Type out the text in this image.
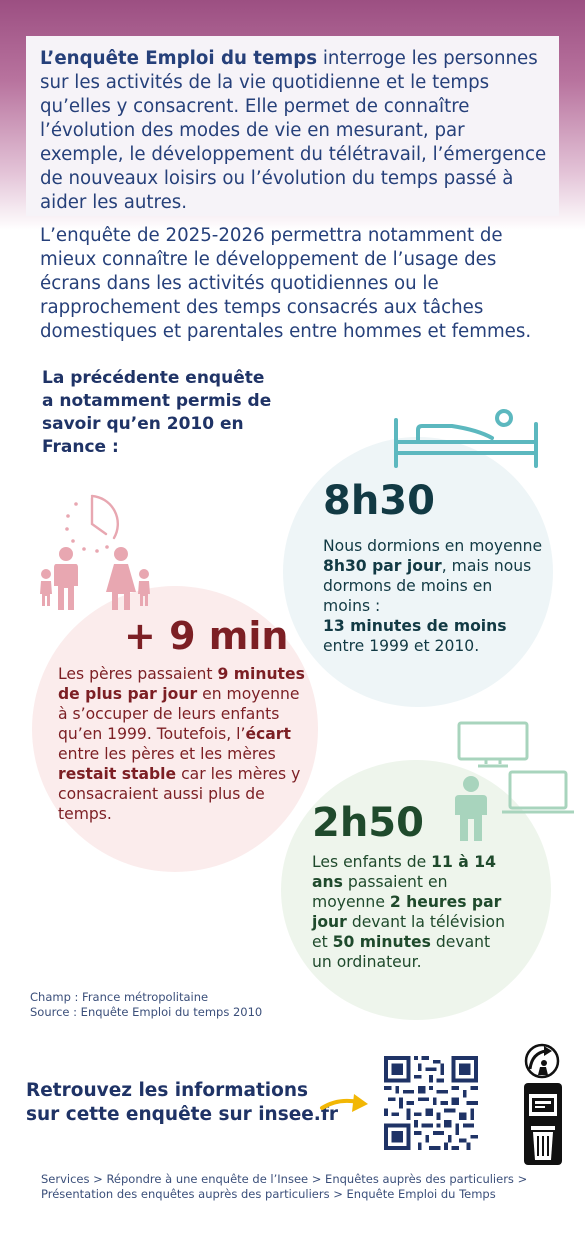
L’enquête Emploi du temps interroge les personnes sur les activités de la vie quotidienne et le temps qu’elles y consacrent. Elle permet de connaître l’évolution des modes de vie en mesurant, par exemple, le développement du télétravail, l’émergence de nouveaux loisirs ou l’évolution du temps passé à aider les autres.

L’enquête de 2025-2026 permettra notamment de mieux connaître le développement de l’usage des écrans dans les activités quotidiennes ou le rapprochement des temps consacrés aux tâches domestiques et parentales entre hommes et femmes.

La précédente enquête a notamment permis de savoir qu’en 2010 en France :

8h30

Nous dormions en moyenne 8h30 par jour, mais nous dormons de moins en moins :
13 minutes de moins entre 1999 et 2010.

+ 9 min

Les pères passaient 9 minutes de plus par jour en moyenne à s’occuper de leurs enfants qu’en 1999. Toutefois, l’écart entre les pères et les mères restait stable car les mères y consacraient aussi plus de temps.	2h50

Les enfants de 11 à 14 ans passaient en moyenne 2 heures par jour devant la télévision et 50 minutes devant un ordinateur.

Champ : France métropolitaine
Source : Enquête Emploi du temps 2010

Retrouvez les informations
sur cette enquête sur insee.fr

Services > Répondre à une enquête de l’Insee > Enquêtes auprès des particuliers >
Présentation des enquêtes auprès des particuliers > Enquête Emploi du Temps
